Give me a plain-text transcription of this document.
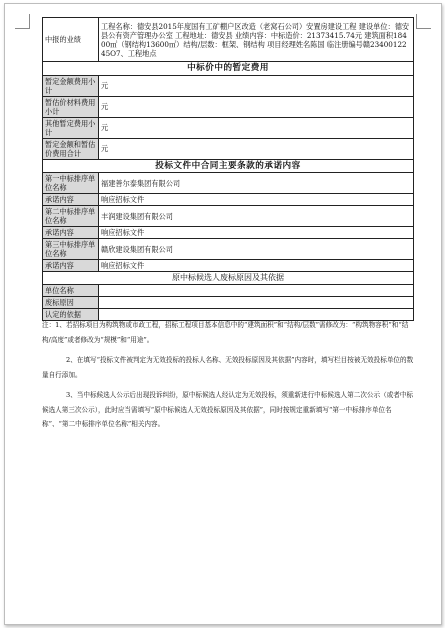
中报的业绩	工程名称：德安县2015年度国有工矿棚户区改造（老窝石公司）安置房建设工程 建设单位：德安县公有资产管理办公室 工程地址：德安县 业绩内容：中标造价：21373415.74元 建筑面积18400㎡（钢结构13600㎡）结构/层数：框架、钢结构 项目经理姓名陈国 临注册编号赣2340012245O7、工程地点
中标价中的暂定费用	
暂定金额费用小计	元
暂估价材料费用小计	元
其他暂定费用小计	元
暂定金额和暂估价费用合计	元
投标文件中合同主要条款的承诺内容	
第一中标排序单位名称	福建善尔泰集团有限公司
承诺内容	响应招标文件
第二中标排序单位名称	丰润建设集团有限公司
承诺内容	响应招标文件
第三中标排序单位名称	赣欣建设集团有限公司
承诺内容	响应招标文件
原中标候选人废标原因及其依据	
单位名称	
废标原因	
认定的依据	

注：1、若招标项目为构筑物或市政工程，招标工程项目基本信息中的“建筑面积”和“结构/层数”需修改为：“构筑物容积”和“结构/高度”或者修改为“规模”和“用途”。

2、在填写“投标文件被判定为无效投标的投标人名称、无效投标原因及其依据”内容时，填写栏目按被无效投标单位的数量自行添加。

3、当中标候选人公示后出现投诉纠纷，原中标候选人经认定为无效投标，须重新进行中标候选人第二次公示（或者中标候选人第三次公示），此时应当需填写“原中标候选人无效投标原因及其依据”，同时按规定重新填写“第一中标排序单位名称”、“第二中标排序单位名称”相关内容。
